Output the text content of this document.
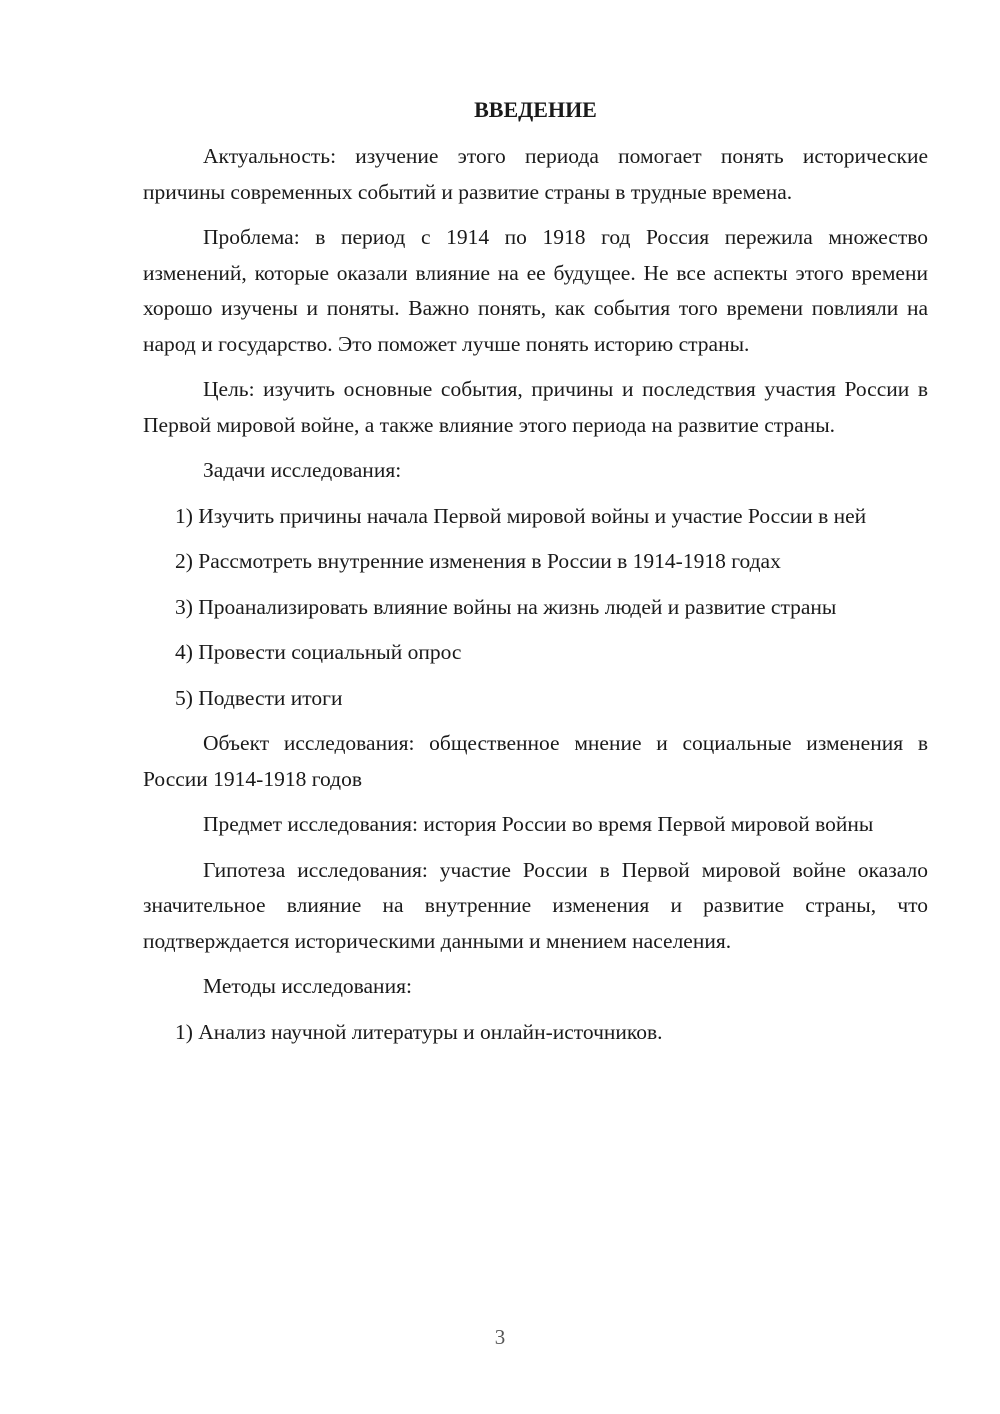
ВВЕДЕНИЕ

Актуальность: изучение этого периода помогает понять исторические причины современных событий и развитие страны в трудные времена.

Проблема: в период с 1914 по 1918 год Россия пережила множество изменений, которые оказали влияние на ее будущее. Не все аспекты этого времени хорошо изучены и поняты. Важно понять, как события того времени повлияли на народ и государство. Это поможет лучше понять историю страны.

Цель: изучить основные события, причины и последствия участия России в Первой мировой войне, а также влияние этого периода на развитие страны.

Задачи исследования:

1) Изучить причины начала Первой мировой войны и участие России в ней

2) Рассмотреть внутренние изменения в России в 1914-1918 годах

3) Проанализировать влияние войны на жизнь людей и развитие страны

4) Провести социальный опрос

5) Подвести итоги

Объект исследования: общественное мнение и социальные изменения в России 1914-1918 годов

Предмет исследования: история России во время Первой мировой войны

Гипотеза исследования: участие России в Первой мировой войне оказало значительное влияние на внутренние изменения и развитие страны, что подтверждается историческими данными и мнением населения.

Методы исследования:

1) Анализ научной литературы и онлайн-источников.

3
